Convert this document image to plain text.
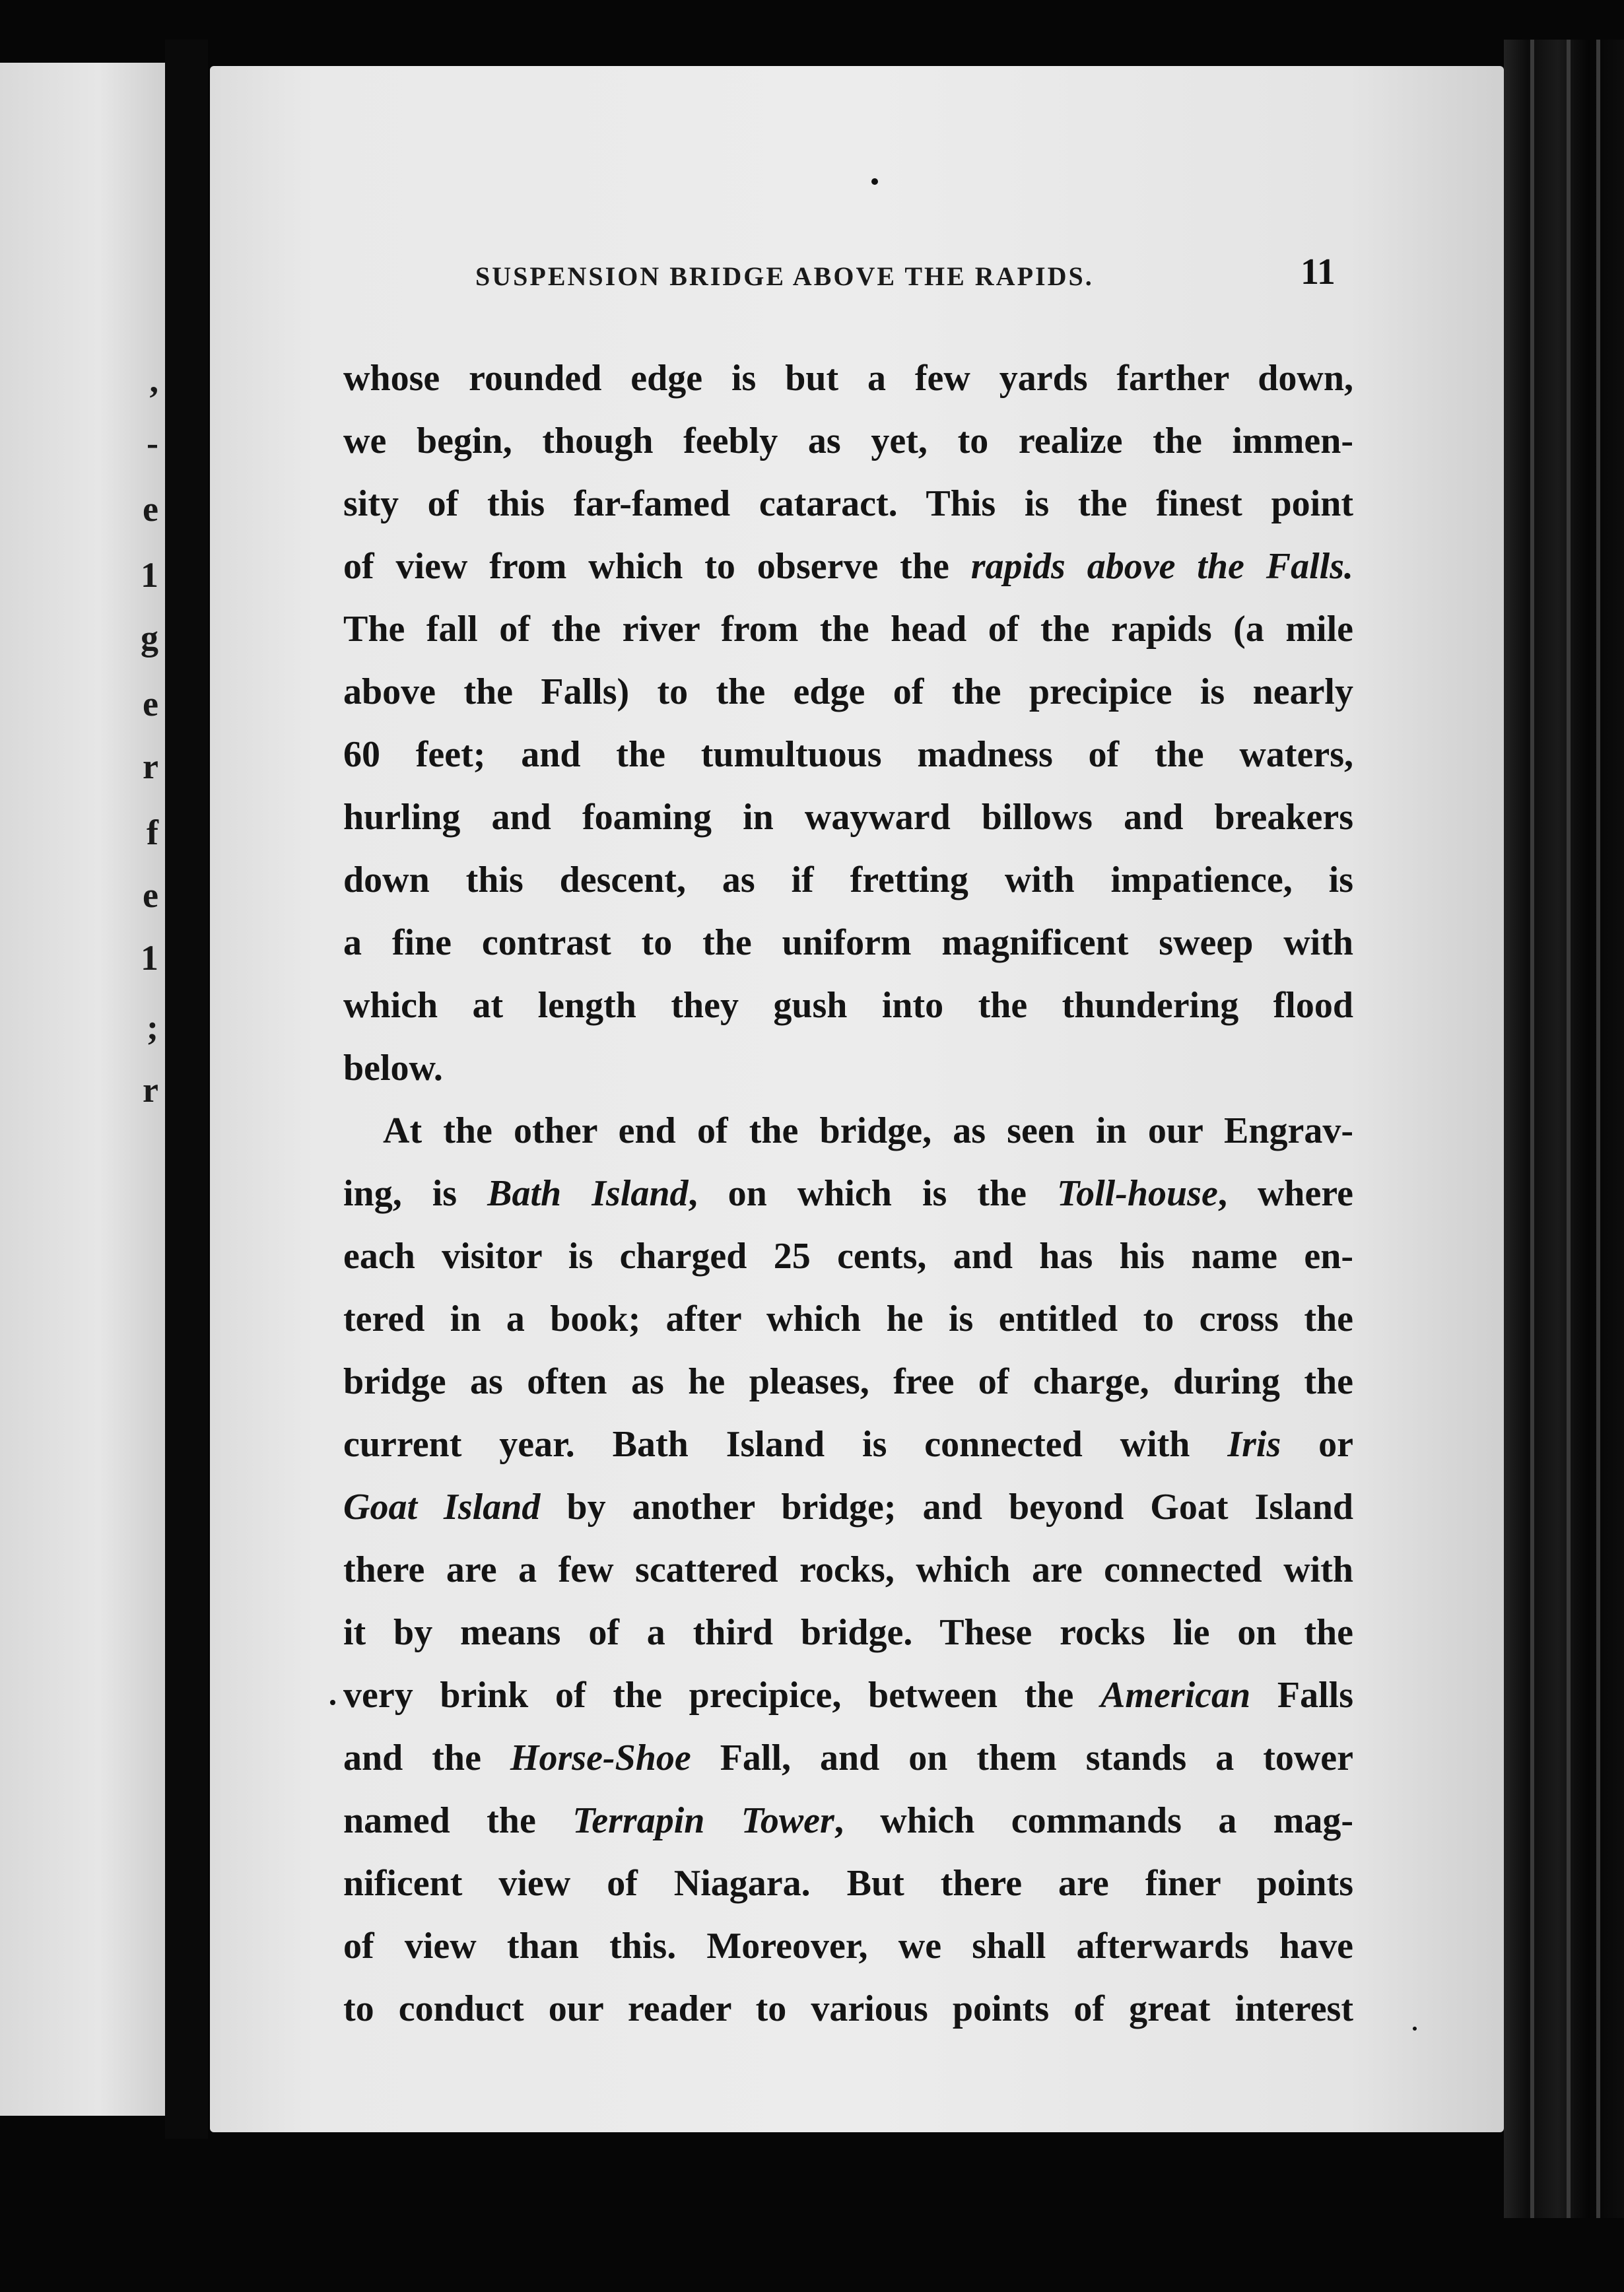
,
-
e
1
g
e
r
f
e
1
;
r
SUSPENSION BRIDGE ABOVE THE RAPIDS.	11
whose rounded edge is but a few yards farther down,
we begin, though feebly as yet, to realize the immen-
sity of this far-famed cataract. This is the finest point
of view from which to observe the rapids above the Falls.
The fall of the river from the head of the rapids (a mile
above the Falls) to the edge of the precipice is nearly
60 feet; and the tumultuous madness of the waters,
hurling and foaming in wayward billows and breakers
down this descent, as if fretting with impatience, is
a fine contrast to the uniform magnificent sweep with
which at length they gush into the thundering flood
below.
At the other end of the bridge, as seen in our Engrav-
ing, is Bath Island, on which is the Toll-house, where
each visitor is charged 25 cents, and has his name en-
tered in a book; after which he is entitled to cross the
bridge as often as he pleases, free of charge, during the
current year. Bath Island is connected with Iris or
Goat Island by another bridge; and beyond Goat Island
there are a few scattered rocks, which are connected with
it by means of a third bridge. These rocks lie on the
very brink of the precipice, between the American Falls
and the Horse-Shoe Fall, and on them stands a tower
named the Terrapin Tower, which commands a mag-
nificent view of Niagara. But there are finer points
of view than this. Moreover, we shall afterwards have
to conduct our reader to various points of great interest
